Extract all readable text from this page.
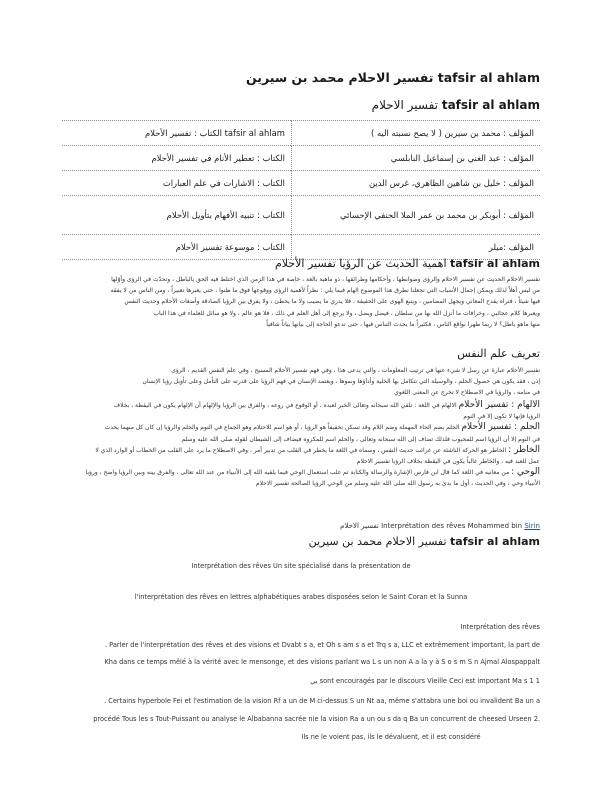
tafsir al ahlam تفسير الاحلام محمد بن سيرين
tafsir al ahlam تفسير الاحلام
المؤلف : محمد بن سيرين ( لا يصح نسبته اليه )	tafsir al ahlam الكتاب : تفسير الأحلام
المؤلف : عبد الغني بن إسماعيل النابلسي	الكتاب : تعطير الأنام في تفسير الأحلام
المؤلف : خليل بن شاهين الظاهري، غرس الدين	الكتاب : الاشارات في علم العبارات
المؤلف : أبوبكر بن محمد بن عمر الملا الحنفي الإحسائي	الكتاب : تنبيه الأفهام بتأويل الأحلام
المؤلف :ميلر	الكتاب : موسوعة تفسير الأحلام
tafsir al ahlam اهمية الحديث عن الرؤيا تفسير الأحلام
تفسير الاحلام الحديث عن تفسير الاحلام والرؤى وضوابطها ، وأحكامها وطرائقها ، ذو ماهية بالغة ، خاصة في هذا الزمن الذي اختلط فيه الحق بالباطل ، وتحدّث في الرؤى وأوّلها
من ليس أهلاً لذلك ويمكن إجمال الأسباب التي تجعلنا نطرق هذا الموضوع الهام فيما يلي : نظراً لأهمية الرؤى ووقوعها فوق ما ظنوا ، حتى يعبرها تعبيراً ، ومن الناس من لا يفقه
فيها شيئاً ، فتراه يقدح المعاني ويجهل المضامين ، ويتبع الهوى على الحقيقة ، فلا يدري ما يصيب ولا ما يخطئ ، ولا يفرق بين الرؤيا الصادقة وأضغاث الأحلام وحديث النفس
ويعبرها كلام عجائبي ، وخرافات ما أنزل الله بها من سلطان ، فيضل ويضل ، ولا يرجع إلى أهل العلم في ذلك ، فلا هو عالم ، ولا هو سائل للعلماء في هذا الباب
منها ماهو باطل؟ لا ربما طهرا بواقع الناس ، فكثيراً ما يحدث التباس فيها ، حتى تدعو الحاجة إلى بيانها بياناً شافياً
تعريف علم النفس
تفسير الأحلام عبارة عن رسل لا شيء عنها في ترتيب المعلومات ، والتي يدعى هذا ، وفي فهم تفسير الأحلام المسيح ، وفي علم النفس القديم ، الرؤى
إذن ، فقد يكون هي حصول الحلم ، والوسيلة التي تتكامل بها الخلية وأداؤها ونموها ، ويعتمد الإنسان في فهم الرؤيا على قدرته على التأمل وعلى تأويل رؤيا الإنسان
في منامه ، والرؤيا في الاصطلاح لا تخرج عن المعنى اللغوي
الالهام : تفسير الأحلام الالهام في اللغة : تلقي الله سبحانه وتعالى الخبر لعبده ، أو الوقوع في روعه ، والفرق بين الرؤيا والإلهام أن الإلهام يكون في اليقظة ، بخلاف
الرؤيا فإنها لا تكون إلا في النوم
الحلم : تفسير الأحلام الحلم بضم الحاء المهملة وضم اللام وقد تسكن تخفيفاً هو الرؤيا ، أو هو اسم للاحتلام وهو الجماع في النوم والحلم والرؤيا إن كان كل منهما يحدث
في النوم إلا أن الرؤيا اسم للمحبوب فلذلك تضاف إلى الله سبحانه وتعالى ، والحلم اسم للمكروه فيضاف إلى الشيطان لقوله صلى الله عليه وسلم
الخاطر : الخاطر هو الحركة الناشئة عن غرائب حديث النفس ، وسماه في اللغة ما يخطر في القلب من تدبير أمر ، وفي الاصطلاح ما يرد على القلب من الخطاب أو الوارد الذي لا
عمل للعبد فيه ، والخاطر غالباً يكون في اليقظة بخلاف الرؤيا تفسير الاحلام
الوحي : من معانيه في اللغة كما قال ابن فارس الإشارة والرسالة والكتابة ثم غلب استعمال الوحي فيما يلقيه الله إلى الأنبياء من عند الله تعالى ، والفرق بينه وبين الرؤيا واضح ، ورؤيا
الأنبياء وحي ، وفي الحديث ، أول ما بدئ به رسول الله صلى الله عليه وسلم من الوحي الرؤيا الصالحة تفسير الاحلام
تفسير الاحلام Interprétation des rêves Mohammed bin Sirin
tafsir al ahlam تفسير الاحلام محمد بن سيرين
Interprétation des rêves Un site spécialisé dans la présentation de
l'interprétation des rêves en lettres alphabétiques arabes disposées selon le Saint Coran et la Sunna
Interprétation des rêves
. Parler de l'interprétation des rêves et des visions et Dvabt s a, et Oh s am s a et Trq s a, LLC et extrêmement important, la part de
Kha dans ce temps mêlé à la vérité avec le mensonge, et des visions parlant wa L s un non A a la y à S o s m S n Ajmal Alospappalt
يي sont encouragés par le discours Vieille Ceci est important Ma s 1 1
. Certains hyperbole Fei et l'estimation de la vision Rf a un de M ci-dessus S un Nt aa, même s'attabra une boi ou invalident Ba un a
procédé Tous les s Tout-Puissant ou analyse le Albabanna sacrée nie la vision Ra a un ou s da q Ba un concurrent de cheesed Urseen 2.
Ils ne le voient pas, ils le dévaluent, et il est considéré
